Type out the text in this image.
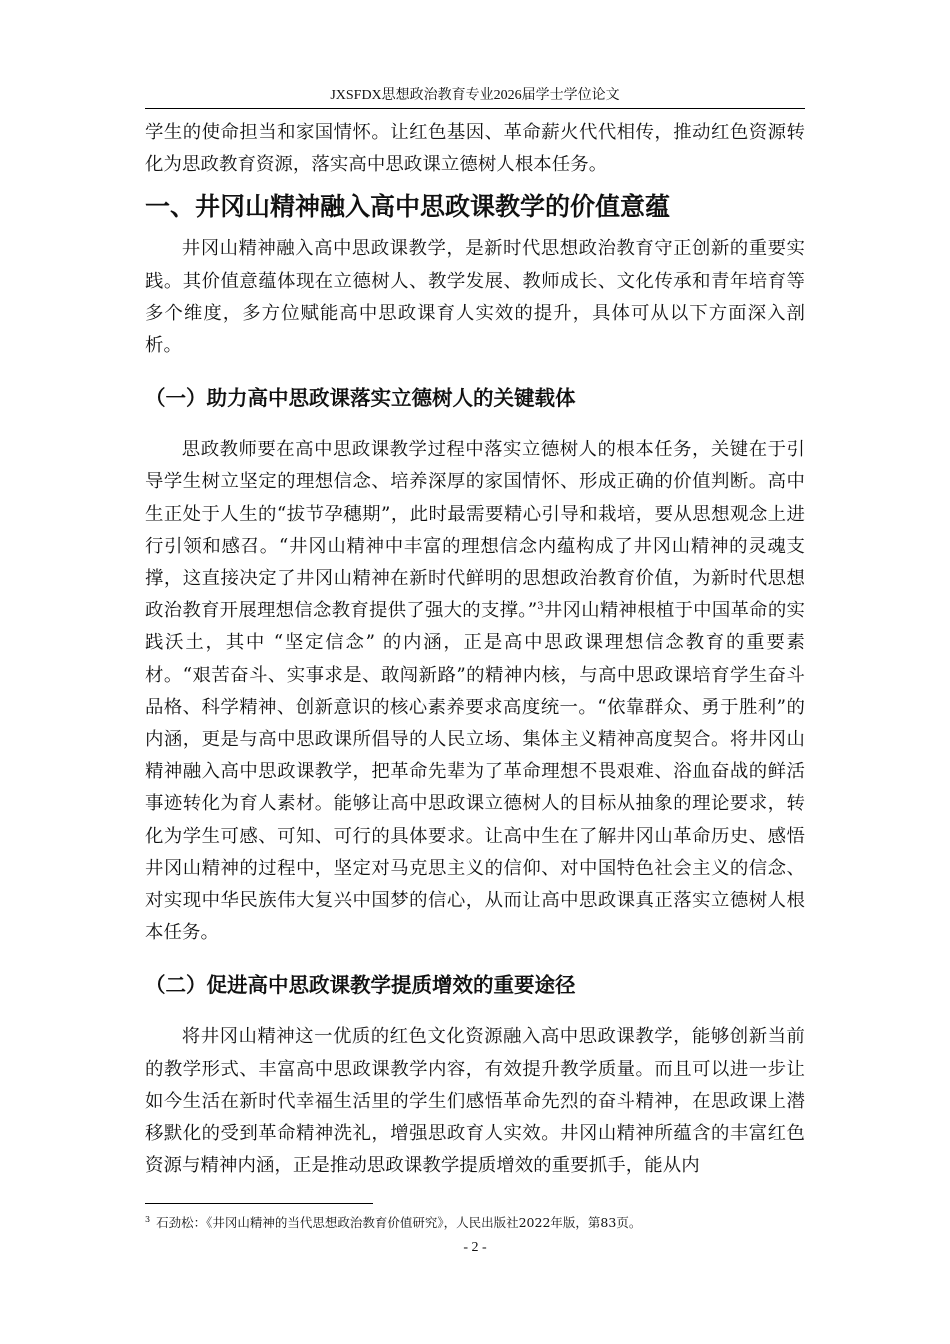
JXSFDX思想政治教育专业2026届学士学位论文

学生的使命担当和家国情怀。让红色基因、革命薪火代代相传，推动红色资源转化为思政教育资源，落实高中思政课立德树人根本任务。

一、井冈山精神融入高中思政课教学的价值意蕴

井冈山精神融入高中思政课教学，是新时代思想政治教育守正创新的重要实践。其价值意蕴体现在立德树人、教学发展、教师成长、文化传承和青年培育等多个维度，多方位赋能高中思政课育人实效的提升，具体可从以下方面深入剖析。

（一）助力高中思政课落实立德树人的关键载体

思政教师要在高中思政课教学过程中落实立德树人的根本任务，关键在于引导学生树立坚定的理想信念、培养深厚的家国情怀、形成正确的价值判断。高中生正处于人生的“拔节孕穗期”，此时最需要精心引导和栽培，要从思想观念上进行引领和感召。“井冈山精神中丰富的理想信念内蕴构成了井冈山精神的灵魂支撑，这直接决定了井冈山精神在新时代鲜明的思想政治教育价值，为新时代思想政治教育开展理想信念教育提供了强大的支撑。”$^3$井冈山精神根植于中国革命的实践沃土，其中 “坚定信念” 的内涵，正是高中思政课理想信念教育的重要素材。“艰苦奋斗、实事求是、敢闯新路”的精神内核，与高中思政课培育学生奋斗品格、科学精神、创新意识的核心素养要求高度统一。“依靠群众、勇于胜利”的内涵，更是与高中思政课所倡导的人民立场、集体主义精神高度契合。将井冈山精神融入高中思政课教学，把革命先辈为了革命理想不畏艰难、浴血奋战的鲜活事迹转化为育人素材。能够让高中思政课立德树人的目标从抽象的理论要求，转化为学生可感、可知、可行的具体要求。让高中生在了解井冈山革命历史、感悟井冈山精神的过程中，坚定对马克思主义的信仰、对中国特色社会主义的信念、对实现中华民族伟大复兴中国梦的信心，从而让高中思政课真正落实立德树人根本任务。

（二）促进高中思政课教学提质增效的重要途径

将井冈山精神这一优质的红色文化资源融入高中思政课教学，能够创新当前的教学形式、丰富高中思政课教学内容，有效提升教学质量。而且可以进一步让如今生活在新时代幸福生活里的学生们感悟革命先烈的奋斗精神，在思政课上潜移默化的受到革命精神洗礼，增强思政育人实效。井冈山精神所蕴含的丰富红色资源与精神内涵，正是推动思政课教学提质增效的重要抓手，能从内

$^3$ 石劲松：《井冈山精神的当代思想政治教育价值研究》，人民出版社2022年版，第83页。
- 2 -
